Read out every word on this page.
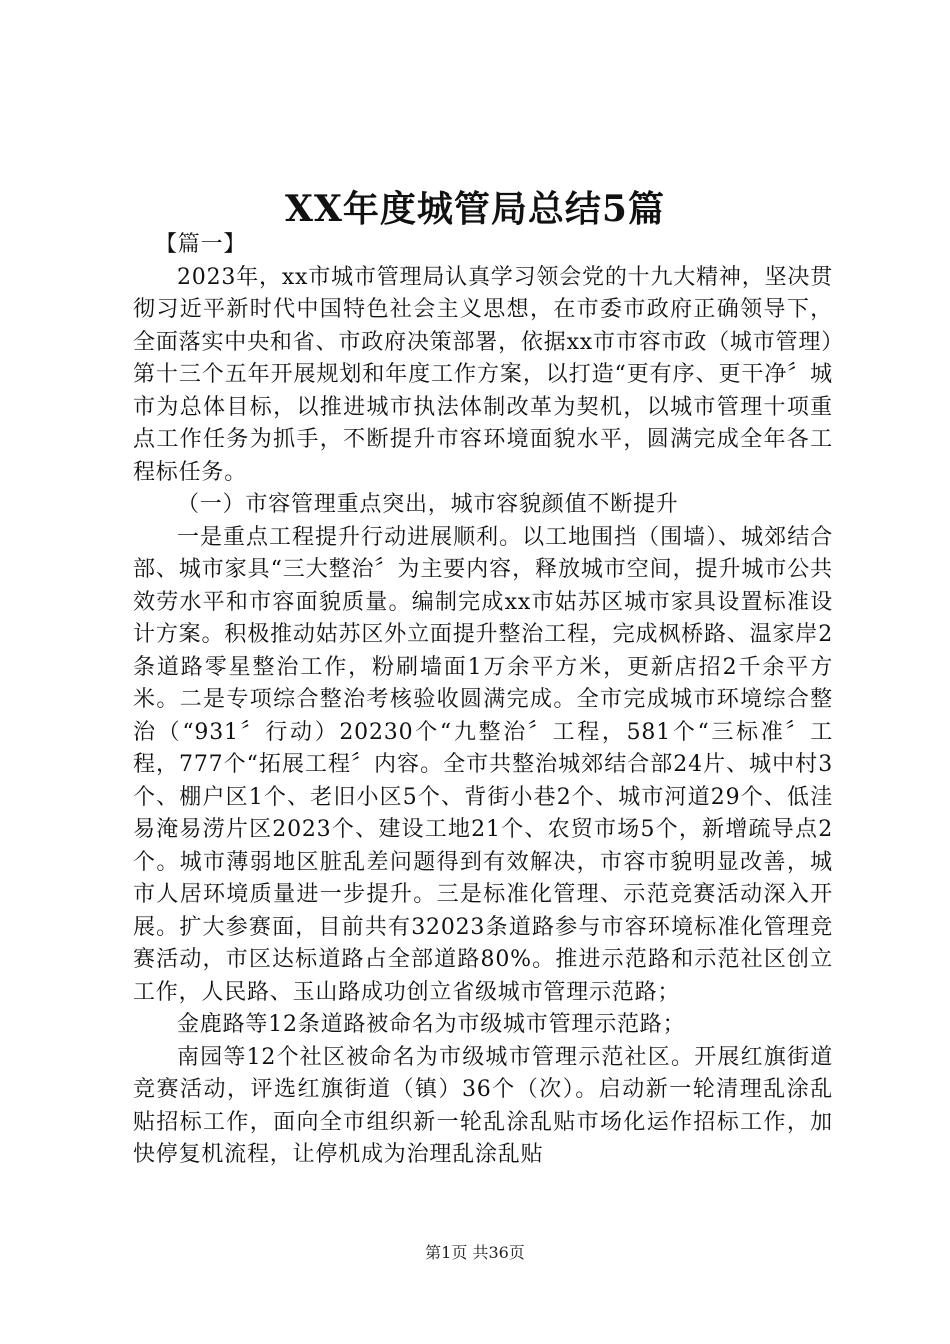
XX年度城管局总结5篇

【篇一】

2023年，xx市城市管理局认真学习领会党的十九大精神，坚决贯彻习近平新时代中国特色社会主义思想，在市委市政府正确领导下，全面落实中央和省、市政府决策部署，依据xx市市容市政（城市管理）第十三个五年开展规划和年度工作方案，以打造“更有序、更干净〞城市为总体目标，以推进城市执法体制改革为契机，以城市管理十项重点工作任务为抓手，不断提升市容环境面貌水平，圆满完成全年各工程标任务。

（一）市容管理重点突出，城市容貌颜值不断提升

一是重点工程提升行动进展顺利。以工地围挡（围墙）、城郊结合部、城市家具“三大整治〞为主要内容，释放城市空间，提升城市公共效劳水平和市容面貌质量。编制完成xx市姑苏区城市家具设置标准设计方案。积极推动姑苏区外立面提升整治工程，完成枫桥路、温家岸2条道路零星整治工作，粉刷墙面1万余平方米，更新店招2千余平方米。二是专项综合整治考核验收圆满完成。全市完成城市环境综合整治（“931〞行动）20230个“九整治〞工程，581个“三标准〞工程，777个“拓展工程〞内容。全市共整治城郊结合部24片、城中村3个、棚户区1个、老旧小区5个、背街小巷2个、城市河道29个、低洼易淹易涝片区2023个、建设工地21个、农贸市场5个，新增疏导点2个。城市薄弱地区脏乱差问题得到有效解决，市容市貌明显改善，城市人居环境质量进一步提升。三是标准化管理、示范竞赛活动深入开展。扩大参赛面，目前共有32023条道路参与市容环境标准化管理竞赛活动，市区达标道路占全部道路80%。推进示范路和示范社区创立工作，人民路、玉山路成功创立省级城市管理示范路；

金鹿路等12条道路被命名为市级城市管理示范路；

南园等12个社区被命名为市级城市管理示范社区。开展红旗街道竞赛活动，评选红旗街道（镇）36个（次）。启动新一轮清理乱涂乱贴招标工作，面向全市组织新一轮乱涂乱贴市场化运作招标工作，加快停复机流程，让停机成为治理乱涂乱贴

第1页 共36页
